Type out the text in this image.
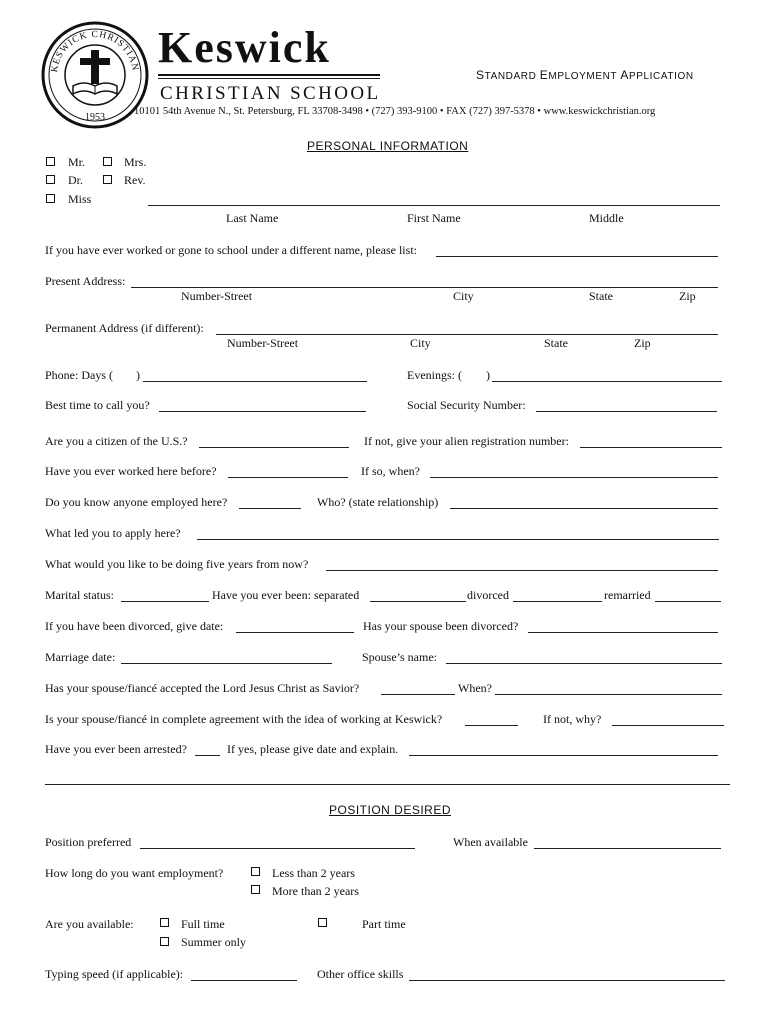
KESWICK CHRISTIAN
1953
Keswick
CHRISTIAN SCHOOL
STANDARD EMPLOYMENT APPLICATION
10101 54th Avenue N., St. Petersburg, FL 33708-3498 • (727) 393-9100 • FAX (727) 397-5378 • www.keswickchristian.org
PERSONAL INFORMATION
Mr.	Mrs.
Dr.	Rev.
Miss
Last Name	First Name	Middle
If you have ever worked or gone to school under a different name, please list:
Present Address:
Number-Street	City	State	Zip
Permanent Address (if different):
Number-Street	City	State	Zip
Phone: Days ( )	Evenings: ( )
Best time to call you?	Social Security Number:
Are you a citizen of the U.S.?	If not, give your alien registration number:
Have you ever worked here before?	If so, when?
Do you know anyone employed here?	Who? (state relationship)
What led you to apply here?
What would you like to be doing five years from now?
Marital status:	Have you ever been: separated	divorced	remarried
If you have been divorced, give date:	Has your spouse been divorced?
Marriage date:	Spouse’s name:
Has your spouse/fiancé accepted the Lord Jesus Christ as Savior?	When?
Is your spouse/fiancé in complete agreement with the idea of working at Keswick?	If not, why?
Have you ever been arrested?	If yes, please give date and explain.
POSITION DESIRED
Position preferred	When available
How long do you want employment?	Less than 2 years
More than 2 years
Are you available:	Full time
Summer only
Part time
Typing speed (if applicable):	Other office skills
